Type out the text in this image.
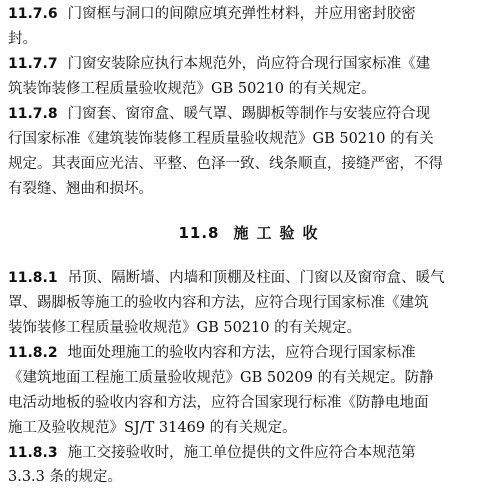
11.7.6 门窗框与洞口的间隙应填充弹性材料，并应用密封胶密
封。
11.7.7 门窗安装除应执行本规范外，尚应符合现行国家标准《建
筑装饰装修工程质量验收规范》GB 50210 的有关规定。
11.7.8 门窗套、窗帘盒、暖气罩、踢脚板等制作与安装应符合现
行国家标准《建筑装饰装修工程质量验收规范》GB 50210 的有关
规定。其表面应光洁、平整、色泽一致、线条顺直，接缝严密，不得
有裂缝、翘曲和损坏。
11.8 施工验收
11.8.1 吊顶、隔断墙、内墙和顶棚及柱面、门窗以及窗帘盒、暖气
罩、踢脚板等施工的验收内容和方法，应符合现行国家标准《建筑
装饰装修工程质量验收规范》GB 50210 的有关规定。
11.8.2 地面处理施工的验收内容和方法，应符合现行国家标准
《建筑地面工程施工质量验收规范》GB 50209 的有关规定。防静
电活动地板的验收内容和方法，应符合国家现行标准《防静电地面
施工及验收规范》SJ/T 31469 的有关规定。
11.8.3 施工交接验收时，施工单位提供的文件应符合本规范第
3.3.3 条的规定。
